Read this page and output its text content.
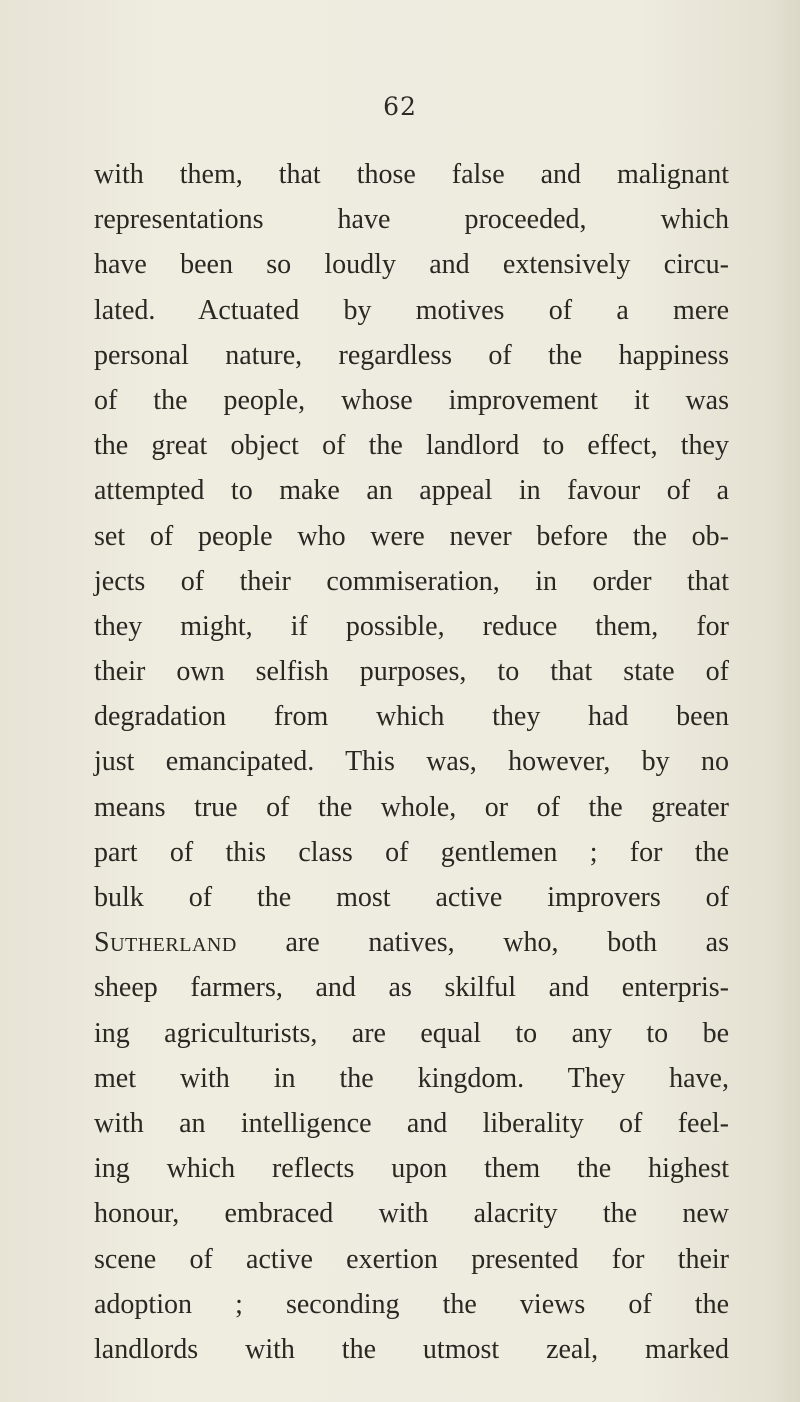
62
with them, that those false and malignant
representations have proceeded, which
have been so loudly and extensively circu-
lated. Actuated by motives of a mere
personal nature, regardless of the happiness
of the people, whose improvement it was
the great object of the landlord to effect, they
attempted to make an appeal in favour of a
set of people who were never before the ob-
jects of their commiseration, in order that
they might, if possible, reduce them, for
their own selfish purposes, to that state of
degradation from which they had been
just emancipated. This was, however, by no
means true of the whole, or of the greater
part of this class of gentlemen ; for the
bulk of the most active improvers of
Sutherland are natives, who, both as
sheep farmers, and as skilful and enterpris-
ing agriculturists, are equal to any to be
met with in the kingdom. They have,
with an intelligence and liberality of feel-
ing which reflects upon them the highest
honour, embraced with alacrity the new
scene of active exertion presented for their
adoption ; seconding the views of the
landlords with the utmost zeal, marked
